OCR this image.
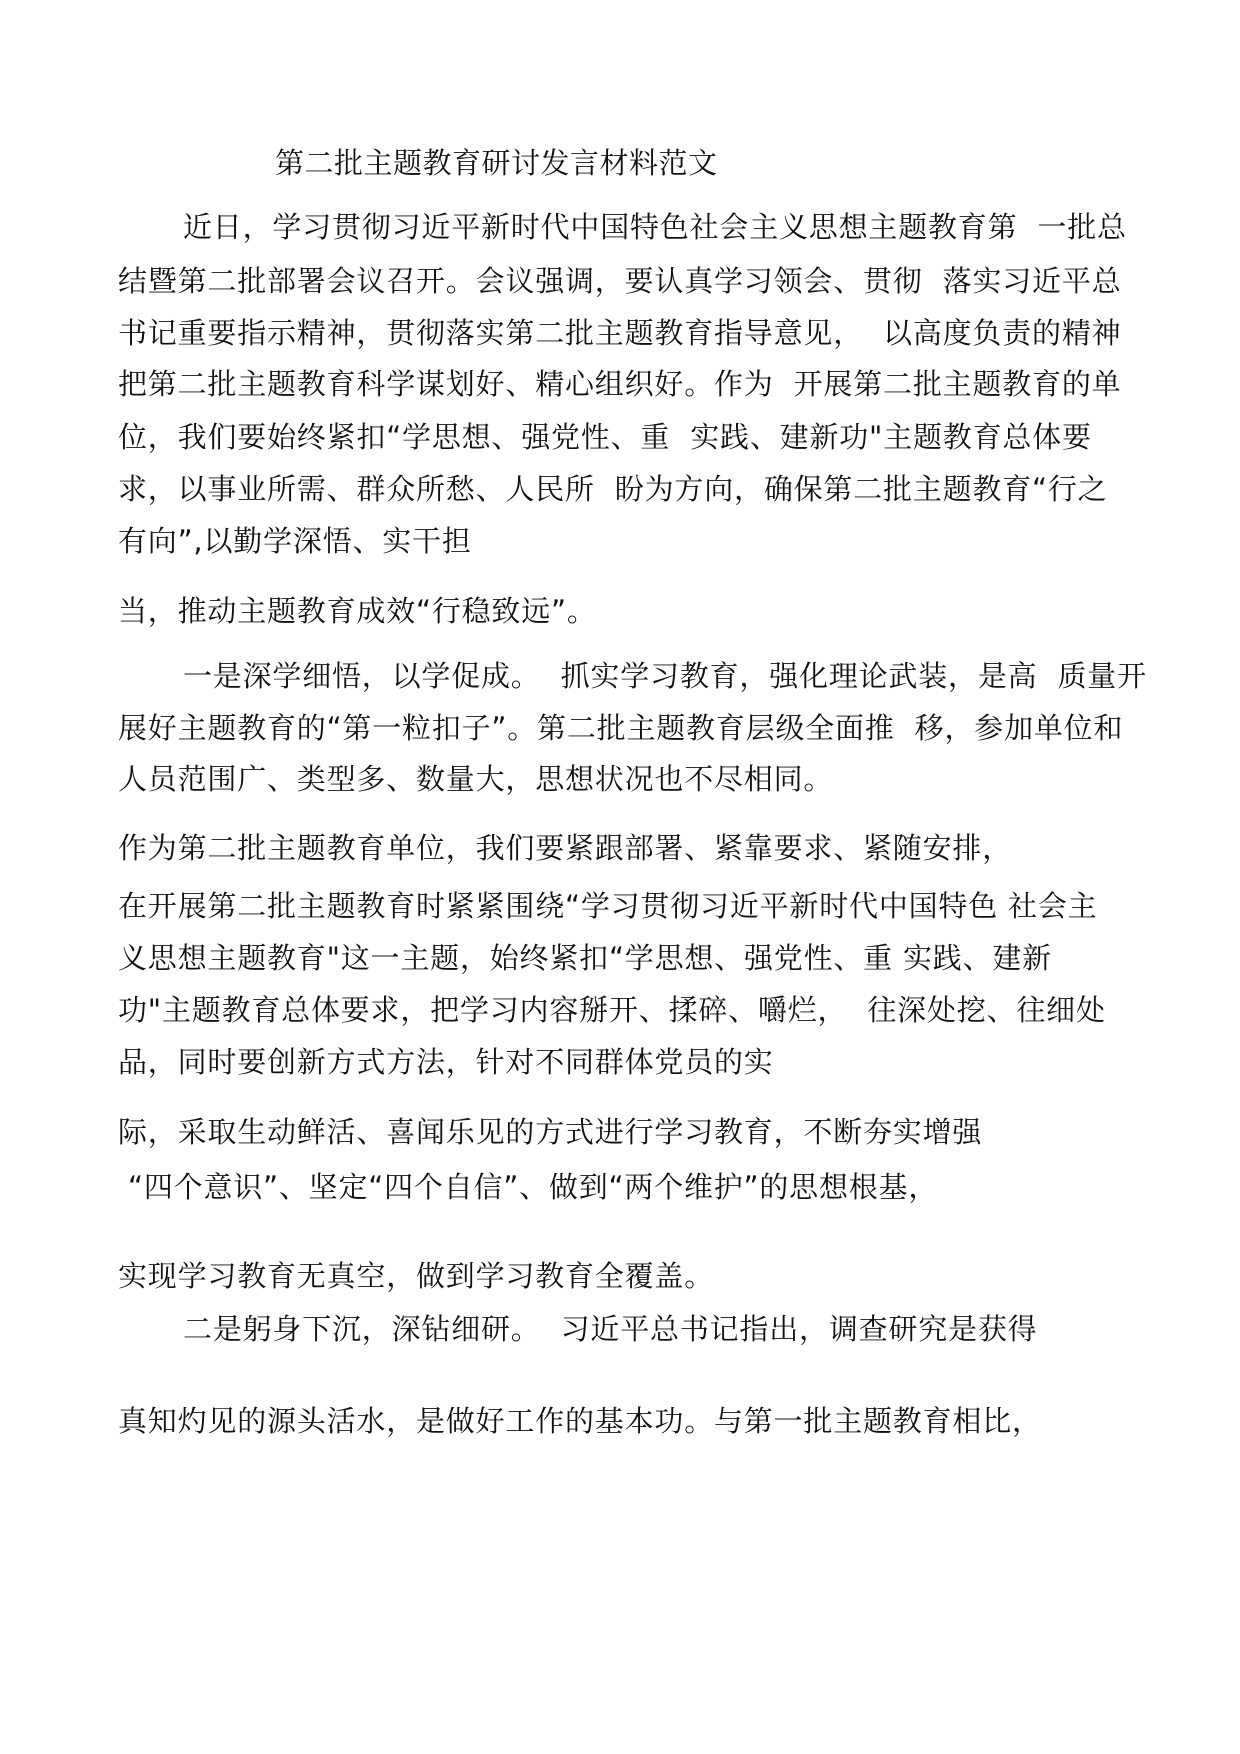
第二批主题教育研讨发言材料范文
近日，学习贯彻习近平新时代中国特色社会主义思想主题教育第  一批总
结暨第二批部署会议召开。会议强调，要认真学习领会、贯彻  落实习近平总
书记重要指示精神，贯彻落实第二批主题教育指导意见，  以高度负责的精神
把第二批主题教育科学谋划好、精心组织好。作为  开展第二批主题教育的单
位，我们要始终紧扣“学思想、强党性、重  实践、建新功"主题教育总体要
求，以事业所需、群众所愁、人民所  盼为方向，确保第二批主题教育“行之
有向”,以勤学深悟、实干担
当，推动主题教育成效“行稳致远”。
一是深学细悟，以学促成。  抓实学习教育，强化理论武装，是高  质量开
展好主题教育的“第一粒扣子”。第二批主题教育层级全面推  移，参加单位和
人员范围广、类型多、数量大，思想状况也不尽相同。
作为第二批主题教育单位，我们要紧跟部署、紧靠要求、紧随安排，
在开展第二批主题教育时紧紧围绕“学习贯彻习近平新时代中国特色 社会主
义思想主题教育"这一主题，始终紧扣“学思想、强党性、重 实践、建新
功"主题教育总体要求，把学习内容掰开、揉碎、嚼烂，  往深处挖、往细处
品，同时要创新方式方法，针对不同群体党员的实
际，采取生动鲜活、喜闻乐见的方式进行学习教育，不断夯实增强
“四个意识”、坚定“四个自信”、做到“两个维护”的思想根基，
实现学习教育无真空，做到学习教育全覆盖。
二是躬身下沉，深钻细研。  习近平总书记指出，调查研究是获得
真知灼见的源头活水，是做好工作的基本功。与第一批主题教育相比，
